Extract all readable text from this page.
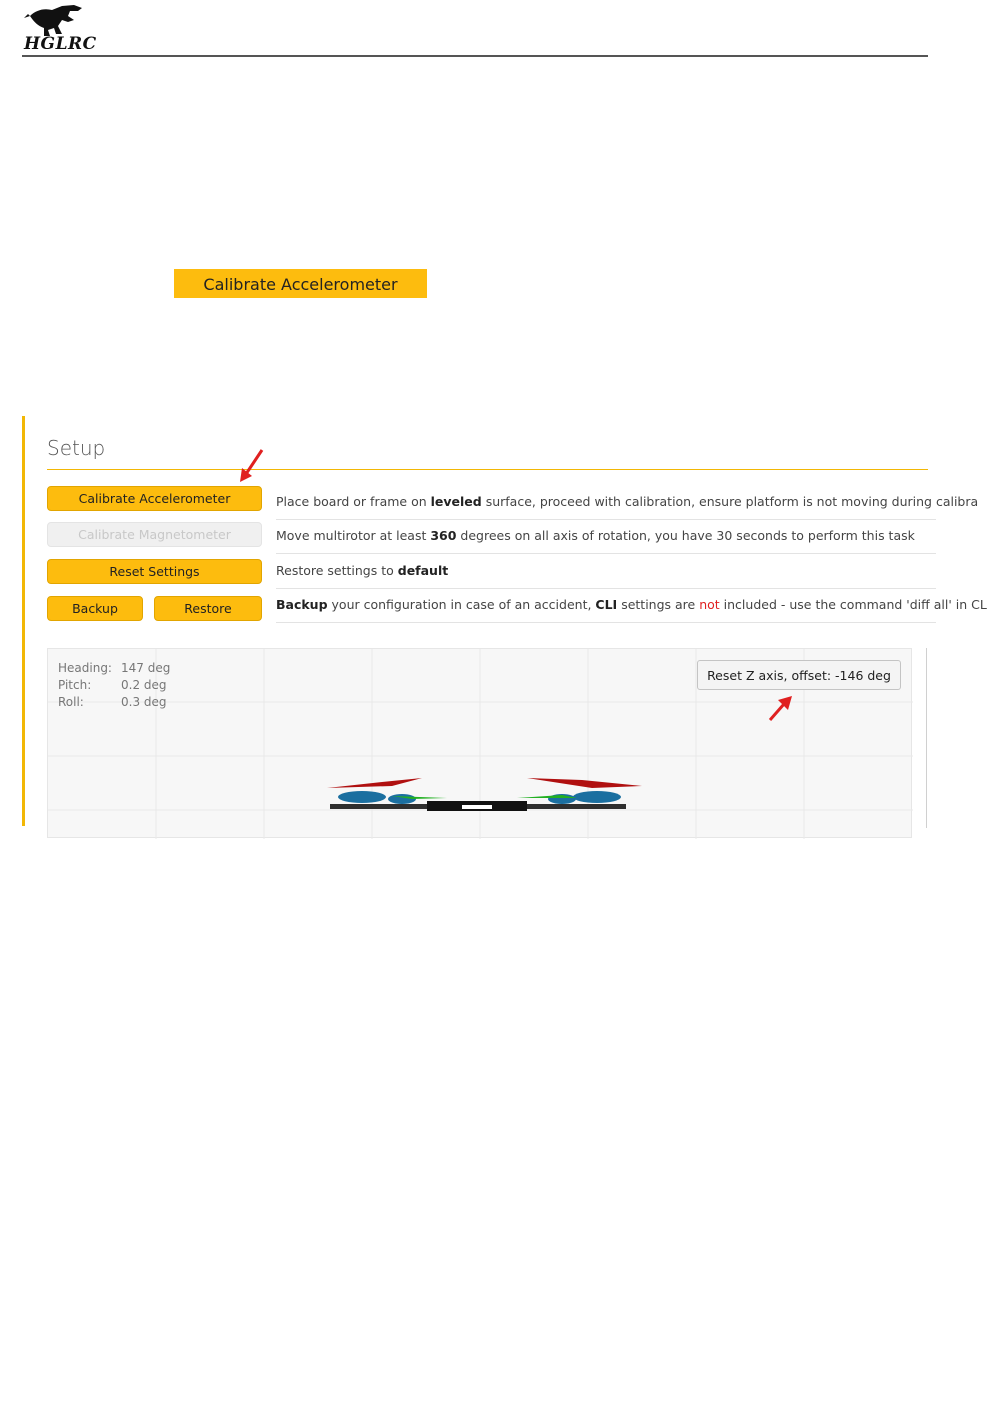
HGLRC
Calibrate Accelerometer
Setup
Calibrate Accelerometer
Calibrate Magnetometer
Reset Settings
Backup	Restore
Place board or frame on leveled surface, proceed with calibration, ensure platform is not moving during calibra
Move multirotor at least 360 degrees on all axis of rotation, you have 30 seconds to perform this task
Restore settings to default
Backup your configuration in case of an accident, CLI settings are not included - use the command 'diff all' in CL
Heading: 147 deg
Pitch: 0.2 deg
Roll:	0.3 deg
Reset Z axis, offset: -146 deg
